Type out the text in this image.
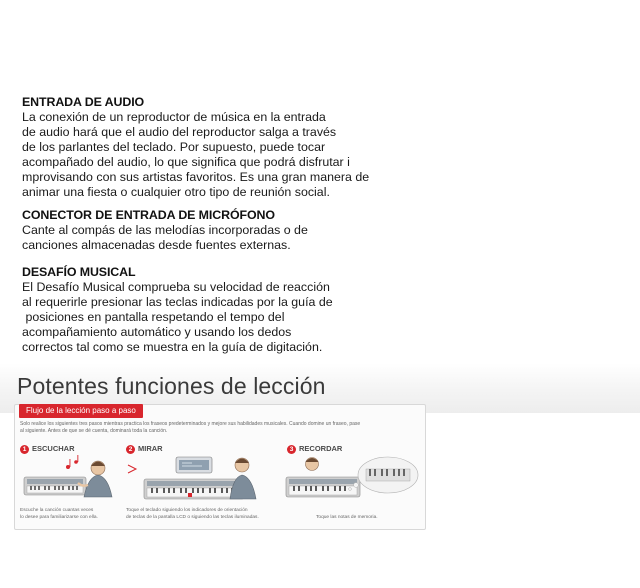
ENTRADA DE AUDIO
La conexión de un reproductor de música en la entrada
de audio hará que el audio del reproductor salga a través
de los parlantes del teclado. Por supuesto, puede tocar
acompañado del audio, lo que significa que podrá disfrutar i
mprovisando con sus artistas favoritos. Es una gran manera de
animar una fiesta o cualquier otro tipo de reunión social.
CONECTOR DE ENTRADA DE MICRÓFONO
Cante al compás de las melodías incorporadas o de
canciones almacenadas desde fuentes externas.
DESAFÍO MUSICAL
El Desafío Musical comprueba su velocidad de reacción
al requerirle presionar las teclas indicadas por la guía de
posiciones en pantalla respetando el tempo del
acompañamiento automático y usando los dedos
correctos tal como se muestra en la guía de digitación.
Potentes funciones de lección
Flujo de la lección paso a paso
Solo realice los siguientes tres pasos mientras practica los fraseos predeterminados y mejore sus habilidades musicales. Cuando domine un fraseo, pase
al siguiente. Antes de que se dé cuenta, dominará toda la canción.
1 ESCUCHAR	2 MIRAR	3 RECORDAR
Escuche la canción cuantas veces
lo desee para familiarizarse con ella.
Toque el teclado siguiendo los indicadores de orientación
de teclas de la pantalla LCD o siguiendo las teclas iluminadas.	Toque las notas de memoria.
